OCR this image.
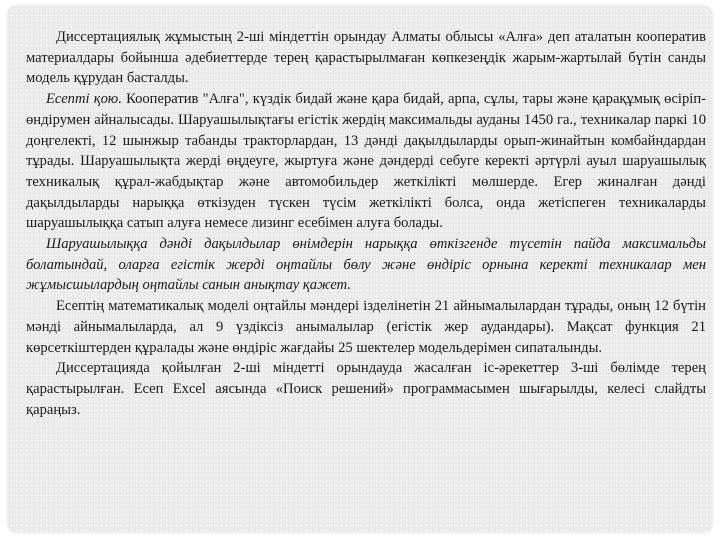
Диссертациялық жұмыстың 2-ші міндеттін орындау Алматы облысы «Алға» деп аталатын кооператив материалдары бойынша әдебиеттерде терең қарастырылмаған көпкезеңдік жарым-жартылай бүтін санды модель құрудан басталды.

Есепті қою. Кооператив "Алға", күздік бидай және қара бидай, арпа, сұлы, тары және қарақұмық өсіріп-өндірумен айналысады. Шаруашылықтағы егістік жердің максимальды ауданы 1450 га., техникалар паркі 10 доңгелекті, 12 шынжыр табанды тракторлардан, 13 дәнді дақылдыларды орып-жинайтын комбайндардан тұрады. Шаруашылықта жерді өңдеуге, жыртуға және дәндерді себуге керекті әртүрлі ауыл шаруашылық техникалық құрал-жабдықтар және автомобильдер жеткілікті мөлшерде. Егер жиналған дәнді дақылдыларды нарыққа өткізуден түскен түсім жеткілікті болса, онда жетіспеген техникаларды шаруашылыққа сатып алуға немесе лизинг есебімен алуға болады.

Шаруашылыққа дәнді дақылдылар өнімдерін нарыққа өткізгенде түсетін пайда максимальды болатындай, оларға егістік жерді оңтайлы бөлу және өндіріс орнына керекті техникалар мен жұмысшылардың оңтайлы санын анықтау қажет.

Есептің математикалық моделі оңтайлы мәндері ізделінетін 21 айнымалылардан тұрады, оның 12 бүтін мәнді айнымалыларда, ал 9 үздіксіз анымалылар (егістік жер аудандары). Мақсат функция 21 көрсеткіштерден құралады және өндіріс жағдайы 25 шектелер модельдерімен сипаталынды.

Диссертацияда қойылған 2-ші міндетті орындауда жасалған іс-әрекеттер 3-ші бөлімде терең қарастырылған. Есеп Excel аясында «Поиск решений» программасымен шығарылды, келесі слайдты қараңыз.
